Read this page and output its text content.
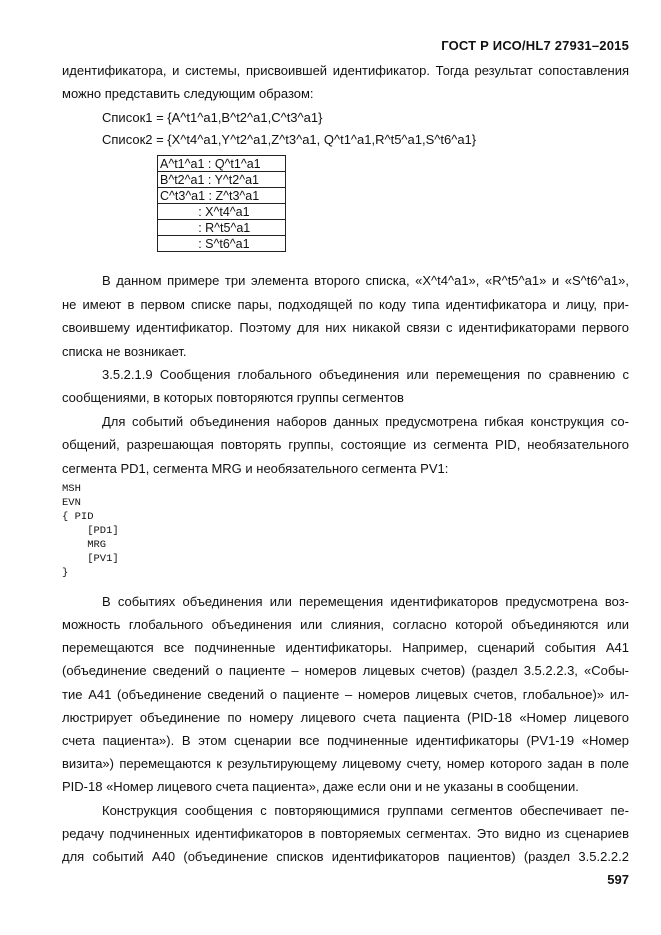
ГОСТ Р ИСО/HL7 27931–2015
идентификатора, и системы, присвоившей идентификатор. Тогда результат сопоставления
можно представить следующим образом:
Список1 = {A^t1^a1,B^t2^a1,C^t3^a1}
Список2 = {X^t4^a1,Y^t2^a1,Z^t3^a1, Q^t1^a1,R^t5^a1,S^t6^a1}
A^t1^a1 : Q^t1^a1
B^t2^a1 : Y^t2^a1
C^t3^a1 : Z^t3^a1
: X^t4^a1
: R^t5^a1
: S^t6^a1
В данном примере три элемента второго списка, «X^t4^a1», «R^t5^a1» и «S^t6^a1»,
не имеют в первом списке пары, подходящей по коду типа идентификатора и лицу, при-
своившему идентификатор. Поэтому для них никакой связи с идентификаторами первого
списка не возникает.
3.5.2.1.9 Сообщения глобального объединения или перемещения по сравнению с
сообщениями, в которых повторяются группы сегментов
Для событий объединения наборов данных предусмотрена гибкая конструкция со-
общений, разрешающая повторять группы, состоящие из сегмента PID, необязательного
сегмента PD1, сегмента MRG и необязательного сегмента PV1:
MSH
EVN
{ PID
[PD1]
MRG
[PV1]
}
В событиях объединения или перемещения идентификаторов предусмотрена воз-
можность глобального объединения или слияния, согласно которой объединяются или
перемещаются все подчиненные идентификаторы. Например, сценарий события A41
(объединение сведений о пациенте – номеров лицевых счетов) (раздел 3.5.2.2.3, «Собы-
тие A41 (объединение сведений о пациенте – номеров лицевых счетов, глобальное)» ил-
люстрирует объединение по номеру лицевого счета пациента (PID-18 «Номер лицевого
счета пациента»). В этом сценарии все подчиненные идентификаторы (PV1-19 «Номер
визита») перемещаются к результирующему лицевому счету, номер которого задан в поле
PID-18 «Номер лицевого счета пациента», даже если они и не указаны в сообщении.
Конструкция сообщения с повторяющимися группами сегментов обеспечивает пе-
редачу подчиненных идентификаторов в повторяемых сегментах. Это видно из сценариев
для событий A40 (объединение списков идентификаторов пациентов) (раздел 3.5.2.2.2
597
